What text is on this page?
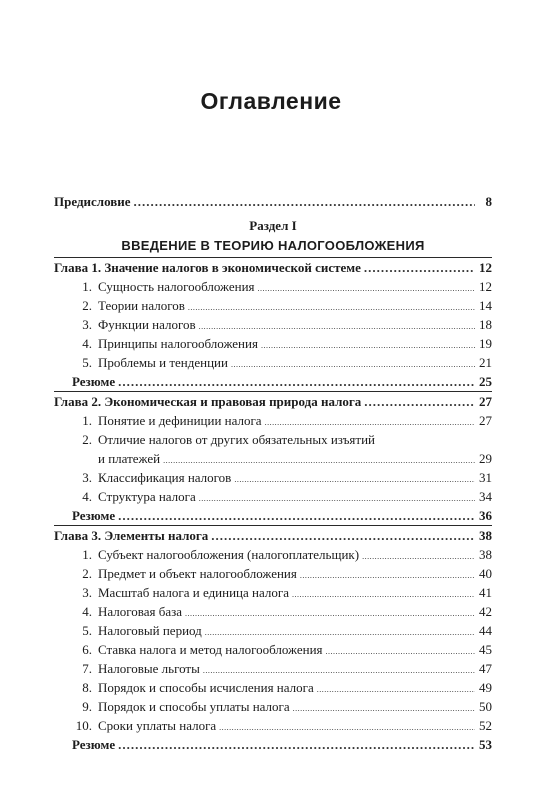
Оглавление
Предисловие .....	8
Раздел I
ВВЕДЕНИЕ В ТЕОРИЮ НАЛОГООБЛОЖЕНИЯ
Глава 1. Значение налогов в экономической системе .....	12
1. Сущность налогообложения .....	12
2. Теории налогов .....	14
3. Функции налогов .....	18
4. Принципы налогообложения .....	19
5. Проблемы и тенденции .....	21
Резюме .....	25
Глава 2. Экономическая и правовая природа налога .....	27
1. Понятие и дефиниции налога .....	27
2. Отличие налогов от других обязательных изъятий
и платежей .....	29
3. Классификация налогов .....	31
4. Структура налога .....	34
Резюме .....	36
Глава 3. Элементы налога .....	38
1. Субъект налогообложения (налогоплательщик) .....	38
2. Предмет и объект налогообложения .....	40
3. Масштаб налога и единица налога .....	41
4. Налоговая база .....	42
5. Налоговый период .....	44
6. Ставка налога и метод налогообложения .....	45
7. Налоговые льготы .....	47
8. Порядок и способы исчисления налога .....	49
9. Порядок и способы уплаты налога .....	50
10. Сроки уплаты налога .....	52
Резюме .....	53
